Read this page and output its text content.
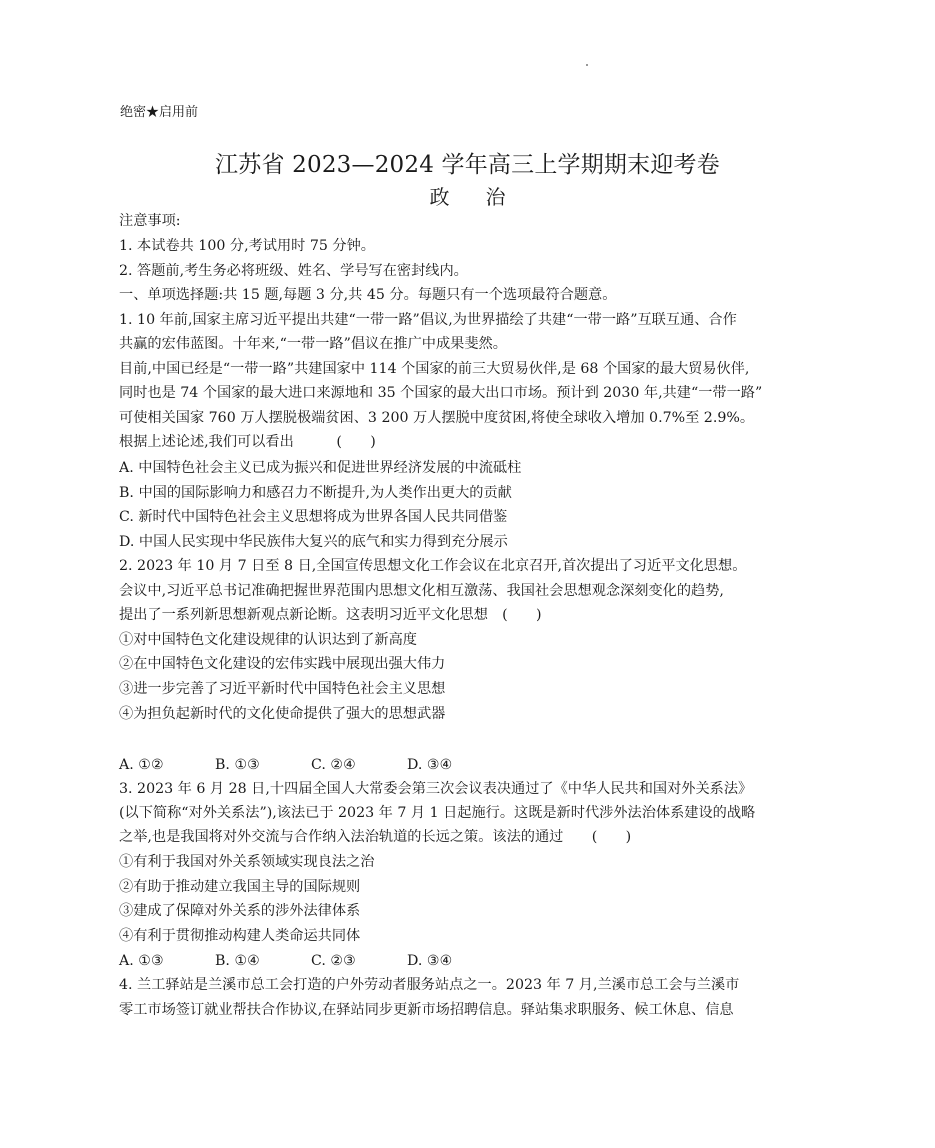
绝密★启用前
江苏省 2023—2024 学年高三上学期期末迎考卷
政治
注意事项:
1. 本试卷共 100 分,考试用时 75 分钟。
2. 答题前,考生务必将班级、姓名、学号写在密封线内。
一、单项选择题:共 15 题,每题 3 分,共 45 分。每题只有一个选项最符合题意。
1. 10 年前,国家主席习近平提出共建“一带一路”倡议,为世界描绘了共建“一带一路”互联互通、合作
共赢的宏伟蓝图。十年来,“一带一路”倡议在推广中成果斐然。
目前,中国已经是“一带一路”共建国家中 114 个国家的前三大贸易伙伴,是 68 个国家的最大贸易伙伴,
同时也是 74 个国家的最大进口来源地和 35 个国家的最大出口市场。预计到 2030 年,共建“一带一路”
可使相关国家 760 万人摆脱极端贫困、3 200 万人摆脱中度贫困,将使全球收入增加 0.7%至 2.9%。
根据上述论述,我们可以看出　　　(　　)
A. 中国特色社会主义已成为振兴和促进世界经济发展的中流砥柱
B. 中国的国际影响力和感召力不断提升,为人类作出更大的贡献
C. 新时代中国特色社会主义思想将成为世界各国人民共同借鉴
D. 中国人民实现中华民族伟大复兴的底气和实力得到充分展示
2. 2023 年 10 月 7 日至 8 日,全国宣传思想文化工作会议在北京召开,首次提出了习近平文化思想。
会议中,习近平总书记准确把握世界范围内思想文化相互激荡、我国社会思想观念深刻变化的趋势,
提出了一系列新思想新观点新论断。这表明习近平文化思想　(　　)
①对中国特色文化建设规律的认识达到了新高度
②在中国特色文化建设的宏伟实践中展现出强大伟力
③进一步完善了习近平新时代中国特色社会主义思想
④为担负起新时代的文化使命提供了强大的思想武器
A. ①②	B. ①③	C. ②④	D. ③④
3. 2023 年 6 月 28 日,十四届全国人大常委会第三次会议表决通过了《中华人民共和国对外关系法》
(以下简称“对外关系法”),该法已于 2023 年 7 月 1 日起施行。这既是新时代涉外法治体系建设的战略
之举,也是我国将对外交流与合作纳入法治轨道的长远之策。该法的通过　　(　　)
①有利于我国对外关系领域实现良法之治
②有助于推动建立我国主导的国际规则
③建成了保障对外关系的涉外法律体系
④有利于贯彻推动构建人类命运共同体
A. ①③	B. ①④	C. ②③	D. ③④
4. 兰工驿站是兰溪市总工会打造的户外劳动者服务站点之一。2023 年 7 月,兰溪市总工会与兰溪市
零工市场签订就业帮扶合作协议,在驿站同步更新市场招聘信息。驿站集求职服务、候工休息、信息
